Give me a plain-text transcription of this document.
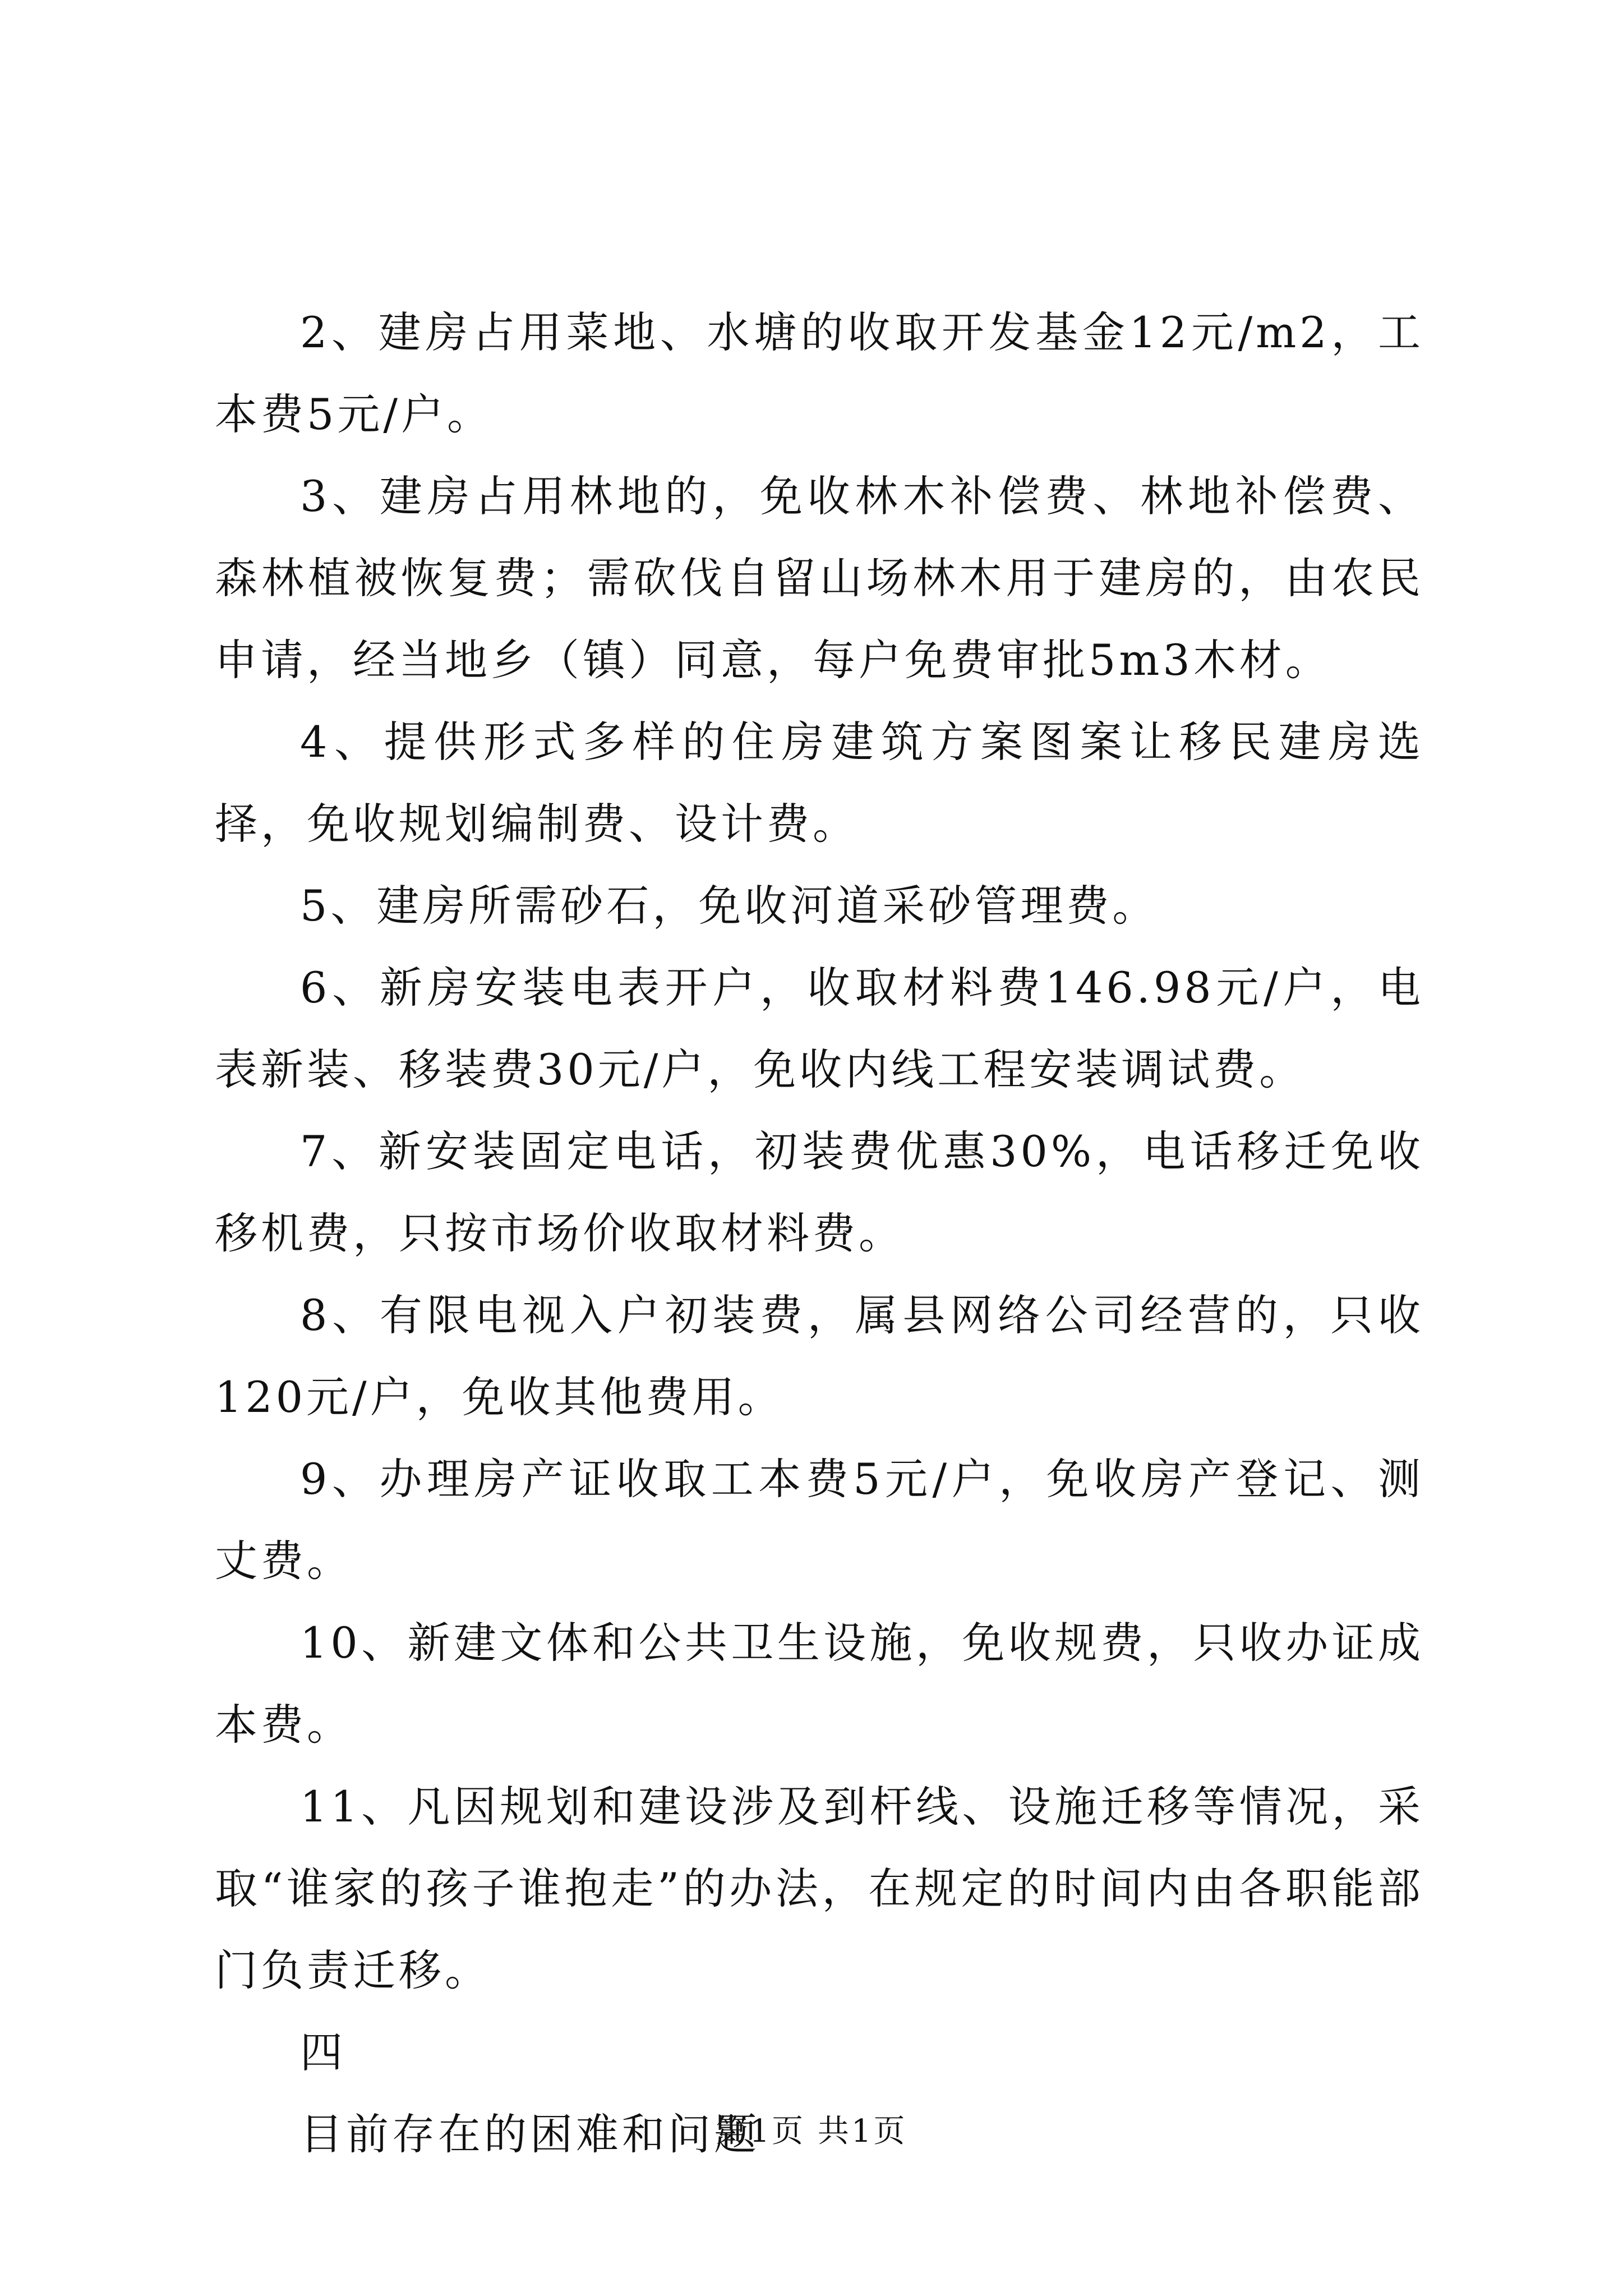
2、建房占用菜地、水塘的收取开发基金12元/m2，工本费5元/户。

3、建房占用林地的，免收林木补偿费、林地补偿费、森林植被恢复费；需砍伐自留山场林木用于建房的，由农民申请，经当地乡（镇）同意，每户免费审批5m3木材。

4、提供形式多样的住房建筑方案图案让移民建房选择，免收规划编制费、设计费。

5、建房所需砂石，免收河道采砂管理费。

6、新房安装电表开户，收取材料费146.98元/户，电表新装、移装费30元/户，免收内线工程安装调试费。

7、新安装固定电话，初装费优惠30%，电话移迁免收移机费，只按市场价收取材料费。

8、有限电视入户初装费，属县网络公司经营的，只收120元/户，免收其他费用。

9、办理房产证收取工本费5元/户，免收房产登记、测丈费。

10、新建文体和公共卫生设施，免收规费，只收办证成本费。

11、凡因规划和建设涉及到杆线、设施迁移等情况，采取“谁家的孩子谁抱走”的办法，在规定的时间内由各职能部门负责迁移。

四

目前存在的困难和问题

第1页 共1页
